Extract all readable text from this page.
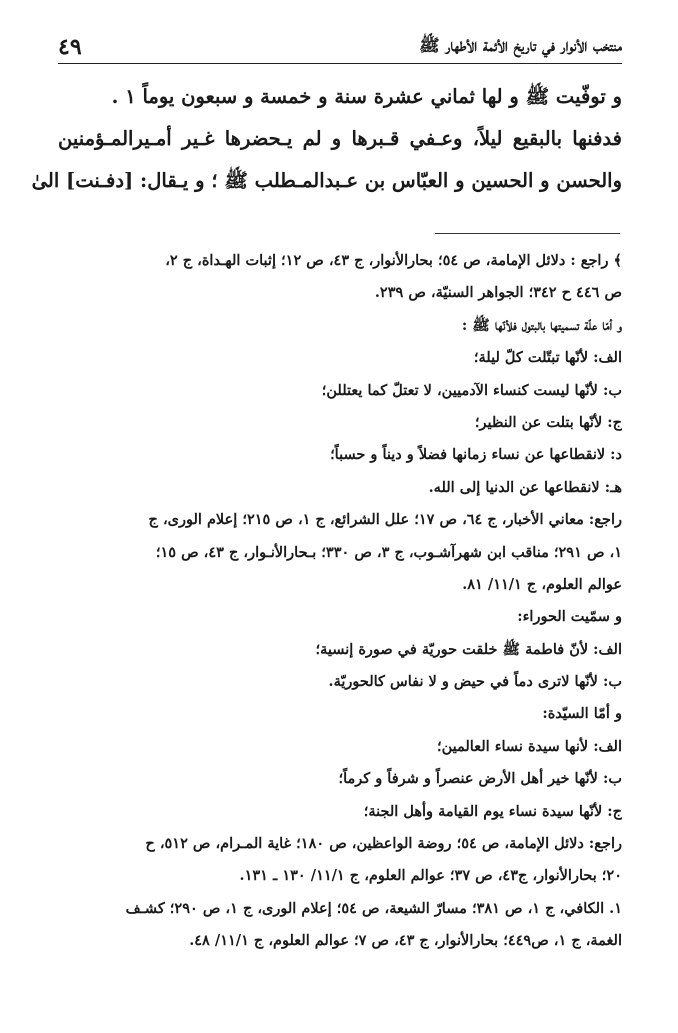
منتخب الأنوار في تاريخ الأئمة الأطهار ﷺ
٤٩
و توفّيت ﷺ و لها ثماني عشرة سنة و خمسة و سبعون يوماً ١ .
فدفنها بالبقيع ليلاً، وعـفي قـبرها و لم يـحضرها غـير أمـيرالمـؤمنين
والحسن و الحسين و العبّاس بن عـبدالمـطلب ﷺ ؛ و يـقال: [دفـنت] الىٰ
﴾ راجع : دلائل الإمامة، ص ٥٤؛ بحارالأنوار، ج ٤٣، ص ١٢؛ إثبات الهـداة، ج ٢،
ص ٤٤٦ ح ٣٤٢؛ الجواهر السنيّة، ص ٢٣٩.
و أمّا علّة تسميتها بالبتول فلأنّها ﷺ :
الف: لأنّها تبتّلت كلّ ليلة؛
ب: لأنّها ليست كنساء الآدميين، لا تعتلّ كما يعتللن؛
ج: لأنّها بتلت عن النظير؛
د: لانقطاعها عن نساء زمانها فضلاً و ديناً و حسباً؛
هـ: لانقطاعها عن الدنيا إلى الله.
راجع: معاني الأخبار، ج ٦٤، ص ١٧؛ علل الشرائع، ج ١، ص ٢١٥؛ إعلام الورى، ج
١، ص ٢٩١؛ مناقب ابن شهرآشـوب، ج ٣، ص ٣٣٠؛ بـحارالأنـوار، ج ٤٣، ص ١٥؛
عوالم العلوم، ج ١١/١/ ٨١.
و سمّيت الحوراء:
الف: لأنّ فاطمة ﷺ خلقت حوريّة في صورة إنسية؛
ب: لأنّها لاترى دماً في حيض و لا نفاس كالحوريّة.
و أمّا السيّدة:
الف: لأنها سيدة نساء العالمين؛
ب: لأنّها خير أهل الأرض عنصراً و شرفاً و كرماً؛
ج: لأنّها سيدة نساء يوم القيامة وأهل الجنة؛
راجع: دلائل الإمامة، ص ٥٤؛ روضة الواعظين، ص ١٨٠؛ غاية المـرام، ص ٥١٢، ح
٢٠؛ بحارالأنوار، ج٤٣، ص ٣٧؛ عوالم العلوم، ج ١١/١/ ١٣٠ ـ ١٣١.
١. الكافي، ج ١، ص ٣٨١؛ مسارّ الشيعة، ص ٥٤؛ إعلام الورى، ج ١، ص ٢٩٠؛ كشـف
الغمة، ج ١، ص٤٤٩؛ بحارالأنوار، ج ٤٣، ص ٧؛ عوالم العلوم، ج ١١/١/ ٤٨.
